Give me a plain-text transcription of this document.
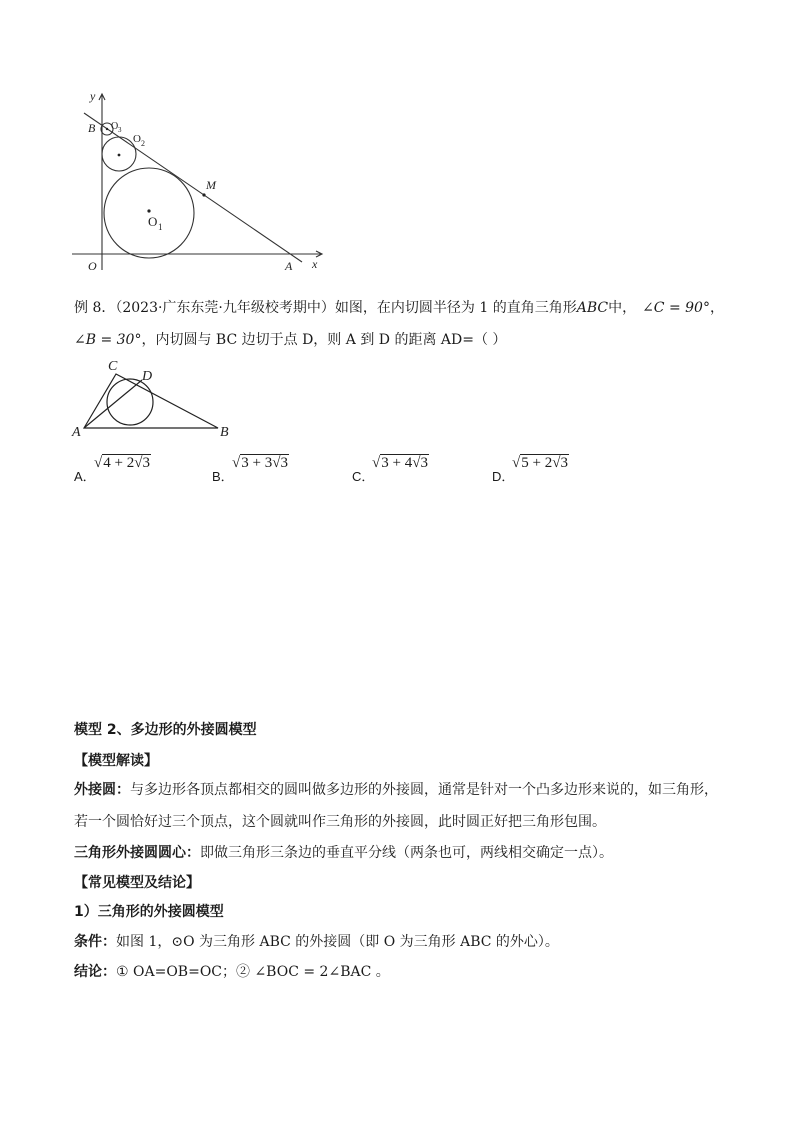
y
x
O	A
B
M
O 1
O 2
O 3
例 8．（2023·广东东莞·九年级校考期中）如图，在内切圆半径为 1 的直角三角形ABC中， ∠C = 90°，
∠B = 30°，内切圆与 BC 边切于点 D，则 A 到 D 的距离 AD=（ ）
A	B
C
D
A．
√4 + 2√3
B．
√3 + 3√3
C．
√3 + 4√3
D．
√5 + 2√3
模型 2、多边形的外接圆模型
【模型解读】
外接圆：与多边形各顶点都相交的圆叫做多边形的外接圆，通常是针对一个凸多边形来说的，如三角形，
若一个圆恰好过三个顶点，这个圆就叫作三角形的外接圆，此时圆正好把三角形包围。
三角形外接圆圆心：即做三角形三条边的垂直平分线（两条也可，两线相交确定一点）。
【常见模型及结论】
1）三角形的外接圆模型
条件：如图 1，⊙O 为三角形 ABC 的外接圆（即 O 为三角形 ABC 的外心）。
结论：① OA=OB=OC；② ∠BOC = 2∠BAC 。
